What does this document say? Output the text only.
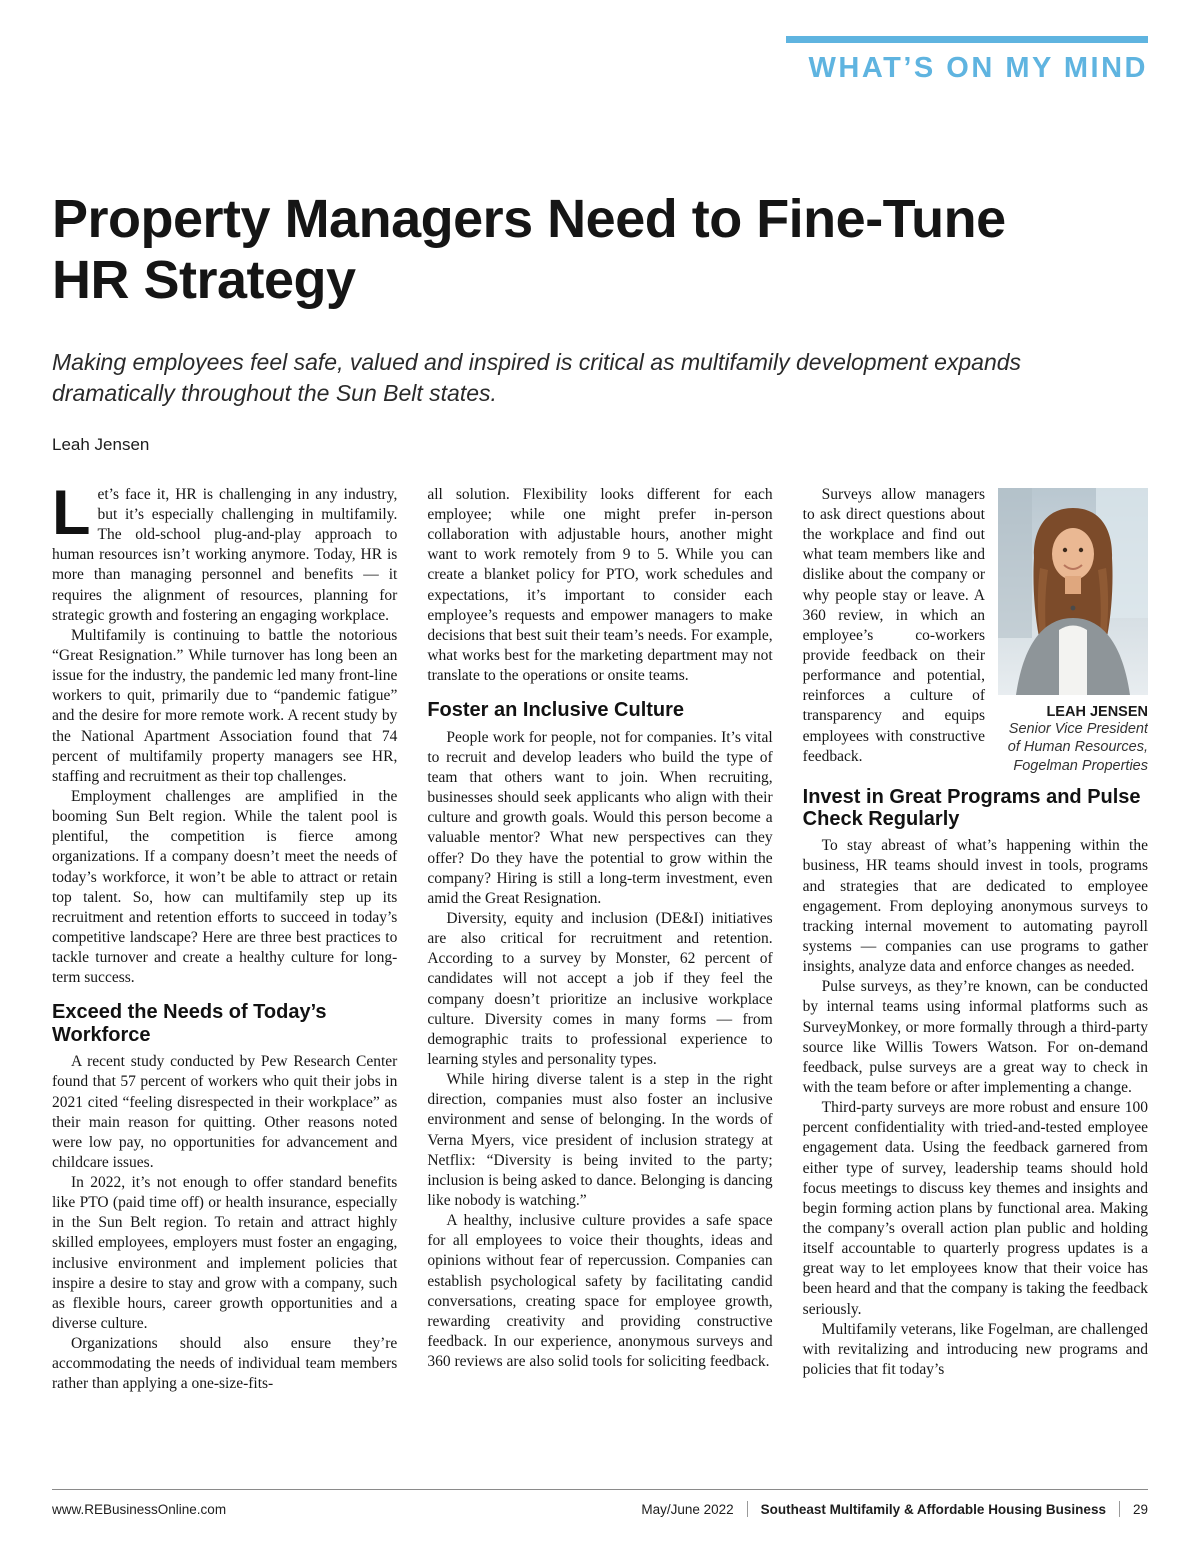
WHAT’S ON MY MIND
Property Managers Need to Fine-Tune
HR Strategy

Making employees feel safe, valued and inspired is critical as multifamily development expands dramatically throughout the Sun Belt states.

Leah Jensen

Let’s face it, HR is challenging in any industry, but it’s especially challenging in multifamily. The old-school plug-and-play approach to human resources isn’t working anymore. Today, HR is more than managing personnel and benefits — it requires the alignment of resources, planning for strategic growth and fostering an engaging workplace.

Multifamily is continuing to battle the notorious “Great Resignation.” While turnover has long been an issue for the industry, the pandemic led many front-line workers to quit, primarily due to “pandemic fatigue” and the desire for more remote work. A recent study by the National Apartment Association found that 74 percent of multifamily property managers see HR, staffing and recruitment as their top challenges.

Employment challenges are amplified in the booming Sun Belt region. While the talent pool is plentiful, the competition is fierce among organizations. If a company doesn’t meet the needs of today’s workforce, it won’t be able to attract or retain top talent. So, how can multifamily step up its recruitment and retention efforts to succeed in today’s competitive landscape? Here are three best practices to tackle turnover and create a healthy culture for long-term success.

Exceed the Needs of Today’s Workforce

A recent study conducted by Pew Research Center found that 57 percent of workers who quit their jobs in 2021 cited “feeling disrespected in their workplace” as their main reason for quitting. Other reasons noted were low pay, no opportunities for advancement and childcare issues.

In 2022, it’s not enough to offer standard benefits like PTO (paid time off) or health insurance, especially in the Sun Belt region. To retain and attract highly skilled employees, employers must foster an engaging, inclusive environment and implement policies that inspire a desire to stay and grow with a company, such as flexible hours, career growth opportunities and a diverse culture.

Organizations should also ensure they’re accommodating the needs of individual team members rather than applying a one-size-fits-

all solution. Flexibility looks different for each employee; while one might prefer in-person collaboration with adjustable hours, another might want to work remotely from 9 to 5. While you can create a blanket policy for PTO, work schedules and expectations, it’s important to consider each employee’s requests and empower managers to make decisions that best suit their team’s needs. For example, what works best for the marketing department may not translate to the operations or onsite teams.

Foster an Inclusive Culture

People work for people, not for companies. It’s vital to recruit and develop leaders who build the type of team that others want to join. When recruiting, businesses should seek applicants who align with their culture and growth goals. Would this person become a valuable mentor? What new perspectives can they offer? Do they have the potential to grow within the company? Hiring is still a long-term investment, even amid the Great Resignation.

Diversity, equity and inclusion (DE&I) initiatives are also critical for recruitment and retention. According to a survey by Monster, 62 percent of candidates will not accept a job if they feel the company doesn’t prioritize an inclusive workplace culture. Diversity comes in many forms — from demographic traits to professional experience to learning styles and personality types.

While hiring diverse talent is a step in the right direction, companies must also foster an inclusive environment and sense of belonging. In the words of Verna Myers, vice president of inclusion strategy at Netflix: “Diversity is being invited to the party; inclusion is being asked to dance. Belonging is dancing like nobody is watching.”

A healthy, inclusive culture provides a safe space for all employees to voice their thoughts, ideas and opinions without fear of repercussion. Companies can establish psychological safety by facilitating candid conversations, creating space for employee growth, rewarding creativity and providing constructive feedback. In our experience, anonymous surveys and 360 reviews are also solid tools for soliciting feedback.

LEAH JENSEN
Senior Vice President of Human Resources,
Fogelman Properties

Surveys allow managers to ask direct questions about the workplace and find out what team members like and dislike about the company or why people stay or leave. A 360 review, in which an employee’s co-workers provide feedback on their performance and potential, reinforces a culture of transparency and equips employees with constructive feedback.

Invest in Great Programs and Pulse Check Regularly

To stay abreast of what’s happening within the business, HR teams should invest in tools, programs and strategies that are dedicated to employee engagement. From deploying anonymous surveys to tracking internal movement to automating payroll systems — companies can use programs to gather insights, analyze data and enforce changes as needed.

Pulse surveys, as they’re known, can be conducted by internal teams using informal platforms such as SurveyMonkey, or more formally through a third-party source like Willis Towers Watson. For on-demand feedback, pulse surveys are a great way to check in with the team before or after implementing a change.

Third-party surveys are more robust and ensure 100 percent confidentiality with tried-and-tested employee engagement data. Using the feedback garnered from either type of survey, leadership teams should hold focus meetings to discuss key themes and insights and begin forming action plans by functional area. Making the company’s overall action plan public and holding itself accountable to quarterly progress updates is a great way to let employees know that their voice has been heard and that the company is taking the feedback seriously.

Multifamily veterans, like Fogelman, are challenged with revitalizing and introducing new programs and policies that fit today’s

www.REBusinessOnline.com	May/June 2022 Southeast Multifamily & Affordable Housing Business 29
